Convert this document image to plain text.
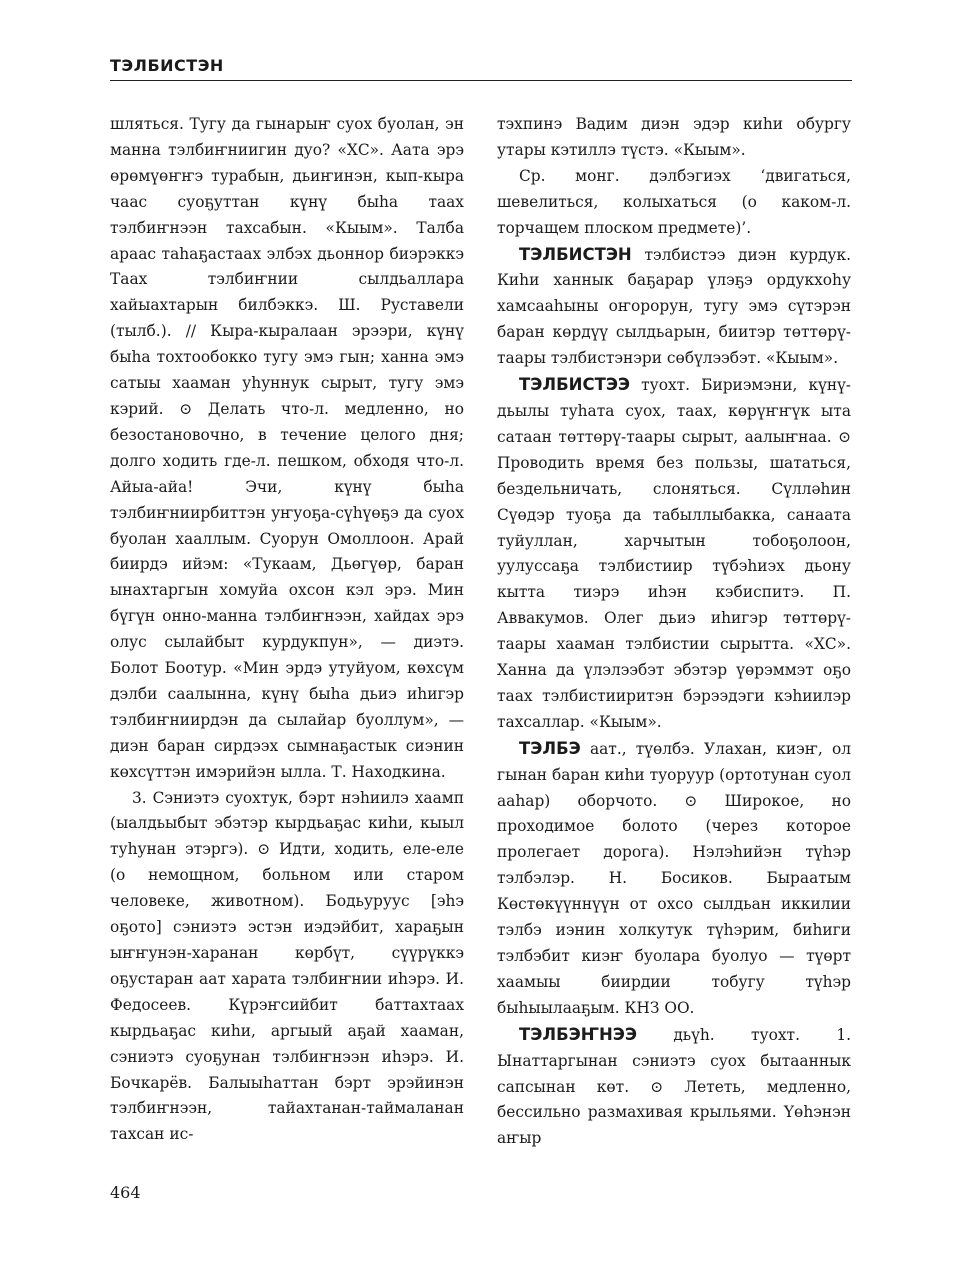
ТЭЛБИСТЭН

шляться. Тугу да гынарыҥ суох буолан, эн манна тэлбиҥниигин дуо? «ХС». Аата эрэ өрөмүөҥҥэ турабын, дьиҥинэн, кып-кыра чаас суоҕуттан күнү быһа таах тэлбиҥнээн тахсабын. «Кыым». Талба араас таһаҕастаах элбэх дьоннор биэрэккэ Таах тэлбиҥнии сылдьаллара хайыахтарын билбэккэ. Ш. Руставели (тылб.). // Кыра-кыралаан эрээри, күнү быһа тохтообокко тугу эмэ гын; ханна эмэ сатыы хааман уһуннук сырыт, тугу эмэ кэрий. ⊙ Делать что-л. медленно, но безостановочно, в течение целого дня; долго ходить где-л. пешком, обходя что-л. Айыа-айа! Эчи, күнү быһа тэлбиҥниирбиттэн уҥуоҕа-сүһүөҕэ да суох буолан хааллым. Суорун Омоллоон. Арай биирдэ ийэм: «Тукаам, Дьөгүөр, баран ынахтаргын хомуйа охсон кэл эрэ. Мин бүгүн онно-манна тэлбиҥнээн, хайдах эрэ олус сылайбыт курдукпун», — диэтэ. Болот Боотур. «Мин эрдэ утуйуом, көхсүм дэлби саалынна, күнү быһа дьиэ иһигэр тэлбиҥниирдэн да сылайар буоллум», — диэн баран сирдээх сымнаҕастык сиэнин көхсүттэн имэрийэн ылла. Т. Находкина.

3. Сэниэтэ суохтук, бэрт нэһиилэ хаамп (ыалдьыбыт эбэтэр кырдьаҕас киһи, кыыл туһунан этэргэ). ⊙ Идти, ходить, еле-еле (о немощном, больном или старом человеке, животном). Бодьуруус [эһэ оҕото] сэниэтэ эстэн иэдэйбит, хараҕын ыҥҥунэн-харанан көрбүт, сүүрүккэ оҕустаран аат харата тэлбиҥнии иһэрэ. И. Федосеев. Күрэҥсийбит баттахтаах кырдьаҕас киһи, аргыый аҕай хааман, сэниэтэ суоҕунан тэлбиҥнээн иһэрэ. И. Бочкарёв. Балыыһаттан бэрт эрэйинэн тэлбиҥнээн, тайахтанан-таймаланан тахсан ис-

тэхпинэ Вадим диэн эдэр киһи обургу утары кэтиллэ түстэ. «Кыым».

Ср. монг. дэлбэгиэх ‘двигаться, шевелиться, колыхаться (о каком-л. торчащем плоском предмете)’.

ТЭЛБИСТЭН тэлбистээ диэн курдук. Киһи ханнык баҕарар үлэҕэ ордукхоһу хамсааһыны оҥорорун, тугу эмэ сүтэрэн баран көрдүү сылдьарын, биитэр төттөрү-таары тэлбистэнэри сөбүлээбэт. «Кыым».

ТЭЛБИСТЭЭ туохт. Бириэмэни, күнү-дьылы туһата суох, таах, көрүҥҥүк ыта сатаан төттөрү-таары сырыт, аалыҥнаа. ⊙ Проводить время без пользы, шататься, бездельничать, слоняться. Сүлләһин Сүөдэр туоҕа да табыллыбакка, санаата туйуллан, харчытын тобоҕолоон, уулуссаҕа тэлбистиир түбэһиэх дьону кытта тиэрэ иһэн кэбиспитэ. П. Аввакумов. Олег дьиэ иһигэр төттөрү-таары хааман тэлбистии сырытта. «ХС». Ханна да үлэлээбэт эбэтэр үөрэммэт оҕо таах тэлбистииритэн бэрээдэги кэһиилэр тахсаллар. «Кыым».

ТЭЛБЭ аат., түөлбэ. Улахан, киэҥ, ол гынан баран киһи туоруур (ортотунан суол ааһар) оборчото. ⊙ Широкое, но проходимое болото (через которое пролегает дорога). Нэлэһийэн түһэр тэлбэлэр. Н. Босиков. Быраатым Көстөкүүннүүн от охсо сылдьан иккилии тэлбэ иэнин холкутук түһэрим, биһиги тэлбэбит киэҥ буолара буолуо — түөрт хаамыы биирдии тобугу түһэр быһыылааҕым. КНЗ ОО.

ТЭЛБЭҤНЭЭ дьүһ. туохт. 1. Ынаттаргынан сэниэтэ суох бытааннык сапсынан көт. ⊙ Лететь, медленно, бессильно размахивая крыльями. Үөһэнэн аҥыр

464
